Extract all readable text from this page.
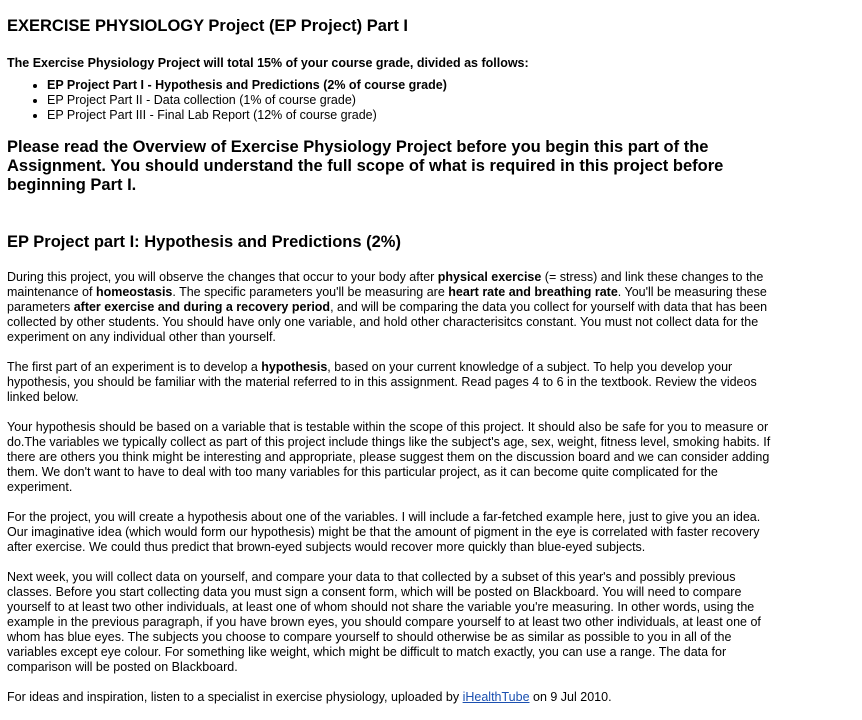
EXERCISE PHYSIOLOGY Project (EP Project) Part I

The Exercise Physiology Project will total 15% of your course grade, divided as follows:

• EP Project Part I - Hypothesis and Predictions (2% of course grade)
• EP Project Part II - Data collection (1% of course grade)
• EP Project Part III - Final Lab Report (12% of course grade)

Please read the Overview of Exercise Physiology Project before you begin this part of the Assignment. You should understand the full scope of what is required in this project before beginning Part I.

EP Project part I: Hypothesis and Predictions (2%)

During this project, you will observe the changes that occur to your body after physical exercise (= stress) and link these changes to the maintenance of homeostasis. The specific parameters you'll be measuring are heart rate and breathing rate. You'll be measuring these parameters after exercise and during a recovery period, and will be comparing the data you collect for yourself with data that has been collected by other students. You should have only one variable, and hold other characterisitcs constant. You must not collect data for the experiment on any individual other than yourself.

The first part of an experiment is to develop a hypothesis, based on your current knowledge of a subject. To help you develop your hypothesis, you should be familiar with the material referred to in this assignment. Read pages 4 to 6 in the textbook. Review the videos linked below.

Your hypothesis should be based on a variable that is testable within the scope of this project. It should also be safe for you to measure or do.The variables we typically collect as part of this project include things like the subject's age, sex, weight, fitness level, smoking habits. If there are others you think might be interesting and appropriate, please suggest them on the discussion board and we can consider adding them. We don't want to have to deal with too many variables for this particular project, as it can become quite complicated for the experiment.

For the project, you will create a hypothesis about one of the variables. I will include a far-fetched example here, just to give you an idea. Our imaginative idea (which would form our hypothesis) might be that the amount of pigment in the eye is correlated with faster recovery after exercise. We could thus predict that brown-eyed subjects would recover more quickly than blue-eyed subjects.

Next week, you will collect data on yourself, and compare your data to that collected by a subset of this year's and possibly previous classes. Before you start collecting data you must sign a consent form, which will be posted on Blackboard. You will need to compare yourself to at least two other individuals, at least one of whom should not share the variable you're measuring. In other words, using the example in the previous paragraph, if you have brown eyes, you should compare yourself to at least two other individuals, at least one of whom has blue eyes. The subjects you choose to compare yourself to should otherwise be as similar as possible to you in all of the variables except eye colour. For something like weight, which might be difficult to match exactly, you can use a range. The data for comparison will be posted on Blackboard.

For ideas and inspiration, listen to a specialist in exercise physiology, uploaded by iHealthTube on 9 Jul 2010.
